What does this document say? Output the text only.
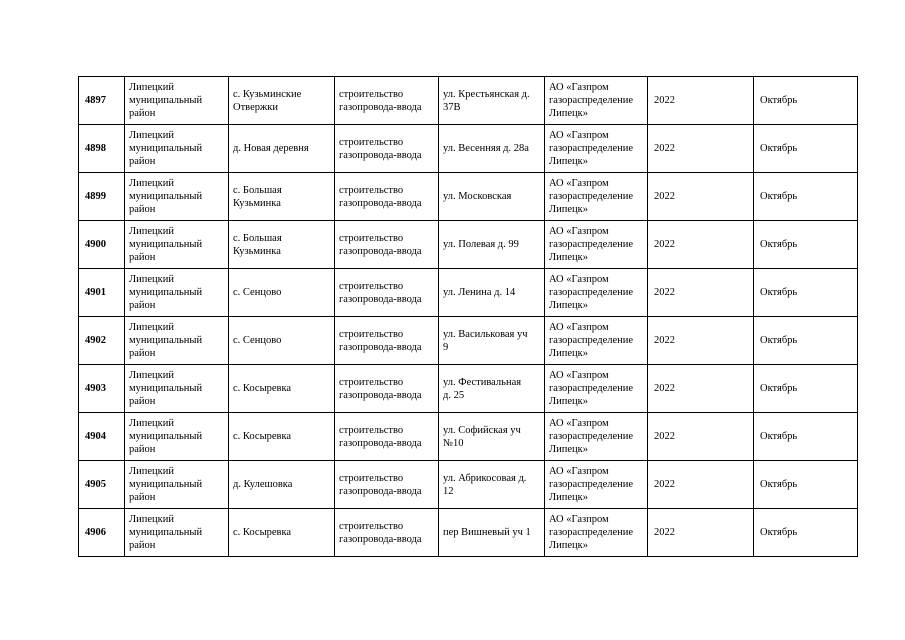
4897	Липецкий
муниципальный
район	с. Кузьминские
Отвержки	строительство
газопровода-ввода	ул. Крестьянская д.
37В	АО «Газпром
газораспределение
Липецк»	2022	Октябрь
4898	Липецкий
муниципальный
район	д. Новая деревня	строительство
газопровода-ввода	ул. Весенняя д. 28а	АО «Газпром
газораспределение
Липецк»	2022	Октябрь
4899	Липецкий
муниципальный
район	с. Большая
Кузьминка	строительство
газопровода-ввода	ул. Московская	АО «Газпром
газораспределение
Липецк»	2022	Октябрь
4900	Липецкий
муниципальный
район	с. Большая
Кузьминка	строительство
газопровода-ввода	ул. Полевая д. 99	АО «Газпром
газораспределение
Липецк»	2022	Октябрь
4901	Липецкий
муниципальный
район	с. Сенцово	строительство
газопровода-ввода	ул. Ленина д. 14	АО «Газпром
газораспределение
Липецк»	2022	Октябрь
4902	Липецкий
муниципальный
район	с. Сенцово	строительство
газопровода-ввода	ул. Васильковая уч
9	АО «Газпром
газораспределение
Липецк»	2022	Октябрь
4903	Липецкий
муниципальный
район	с. Косыревка	строительство
газопровода-ввода	ул. Фестивальная
д. 25	АО «Газпром
газораспределение
Липецк»	2022	Октябрь
4904	Липецкий
муниципальный
район	с. Косыревка	строительство
газопровода-ввода	ул. Софийская уч
№10	АО «Газпром
газораспределение
Липецк»	2022	Октябрь
4905	Липецкий
муниципальный
район	д. Кулешовка	строительство
газопровода-ввода	ул. Абрикосовая д.
12	АО «Газпром
газораспределение
Липецк»	2022	Октябрь
4906	Липецкий
муниципальный
район	с. Косыревка	строительство
газопровода-ввода	пер Вишневый уч 1	АО «Газпром
газораспределение
Липецк»	2022	Октябрь
